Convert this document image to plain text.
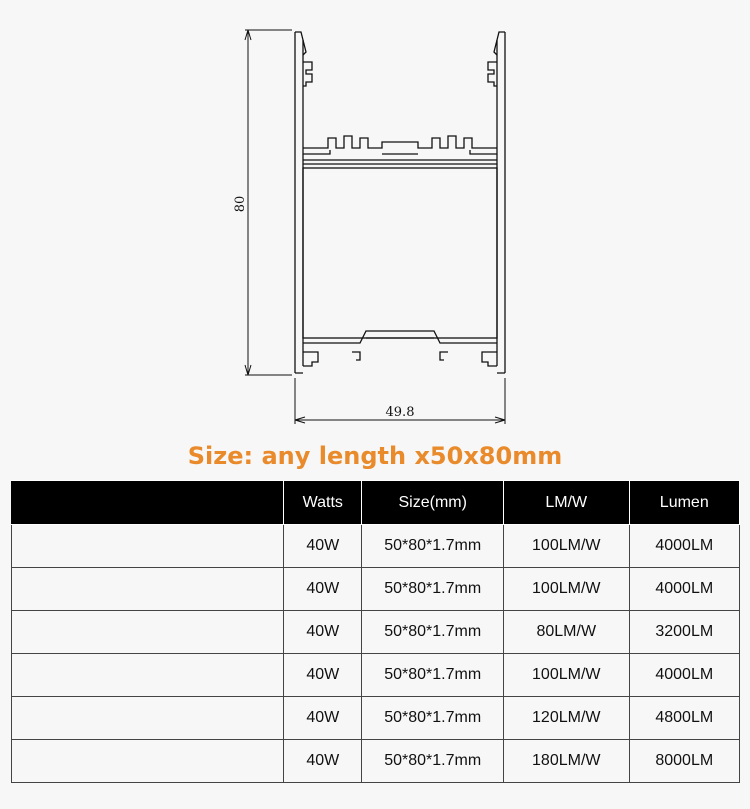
80
49.8
Size: any length x50x80mm
	Watts	Size(mm)	LM/W	Lumen
	40W	50*80*1.7mm	100LM/W	4000LM
	40W	50*80*1.7mm	100LM/W	4000LM
	40W	50*80*1.7mm	80LM/W	3200LM
	40W	50*80*1.7mm	100LM/W	4000LM
	40W	50*80*1.7mm	120LM/W	4800LM
	40W	50*80*1.7mm	180LM/W	8000LM
